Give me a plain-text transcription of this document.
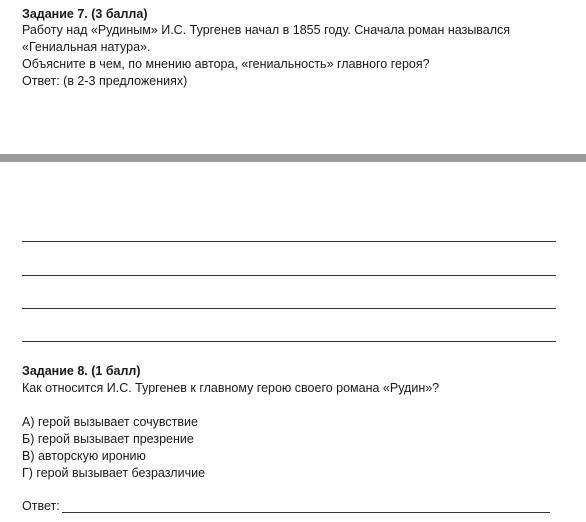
Задание 7. (3 балла)
Работу над «Рудиным» И.С. Тургенев начал в 1855 году. Сначала роман назывался
«Гениальная натура».
Объясните в чем, по мнению автора, «гениальность» главного героя?
Ответ: (в 2-3 предложениях)
Задание 8. (1 балл)
Как относится И.С. Тургенев к главному герою своего романа «Рудин»?
А) герой вызывает сочувствие
Б) герой вызывает презрение
В) авторскую иронию
Г) герой вызывает безразличие
Ответ:
